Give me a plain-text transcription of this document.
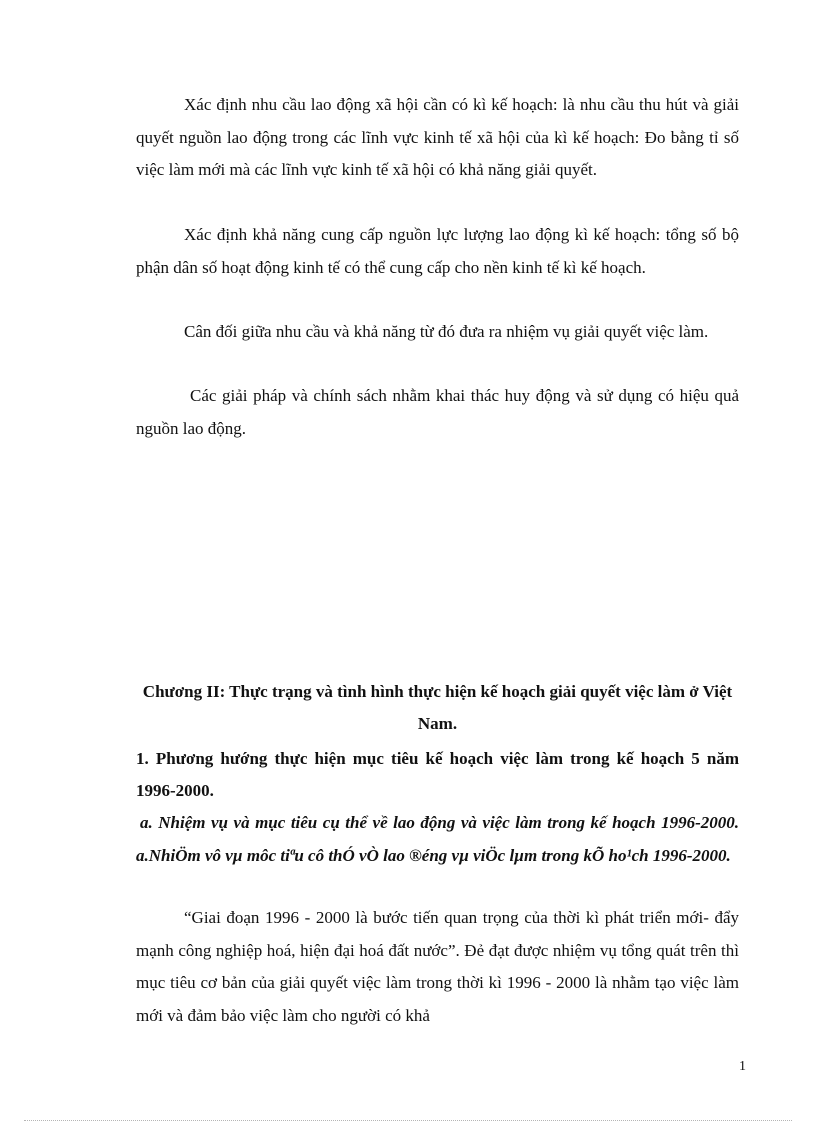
Xác định nhu cầu lao động xã hội cần có kì kế hoạch: là nhu cầu thu hút và giải quyết nguồn lao động trong các lĩnh vực kinh tế xã hội của kì kế hoạch: Đo bằng tỉ số việc làm mới mà các lĩnh vực kinh tế xã hội có khả năng giải quyết.

Xác định khả năng cung cấp nguồn lực lượng lao động kì kế hoạch: tổng số bộ phận dân số hoạt động kinh tế có thể cung cấp cho nền kinh tế kì kế hoạch.

Cân đối giữa nhu cầu và khả năng từ đó đưa ra nhiệm vụ giải quyết việc làm.

Các giải pháp và chính sách nhằm khai thác huy động và sử dụng có hiệu quả nguồn lao động.

Chương II: Thực trạng và tình hình thực hiện kế hoạch giải quyết việc làm ở Việt Nam.

1. Phương hướng thực hiện mục tiêu kế hoạch việc làm trong kế hoạch 5 năm 1996-2000.

a. Nhiệm vụ và mục tiêu cụ thể về lao động và việc làm trong kế hoạch 1996-2000. a.NhiÖm vô vµ môc tiªu cô thÓ vÒ lao ®éng vµ viÖc lµm trong kÕ ho¹ch 1996-2000.

“Giai đoạn 1996 - 2000 là bước tiến quan trọng của thời kì phát triển mới- đẩy mạnh công nghiệp hoá, hiện đại hoá đất nước”. Đẻ đạt được nhiệm vụ tổng quát trên thì mục tiêu cơ bản của giải quyết việc làm trong thời kì 1996 - 2000 là nhằm tạo việc làm mới và đảm bảo việc làm cho người có khả

1
